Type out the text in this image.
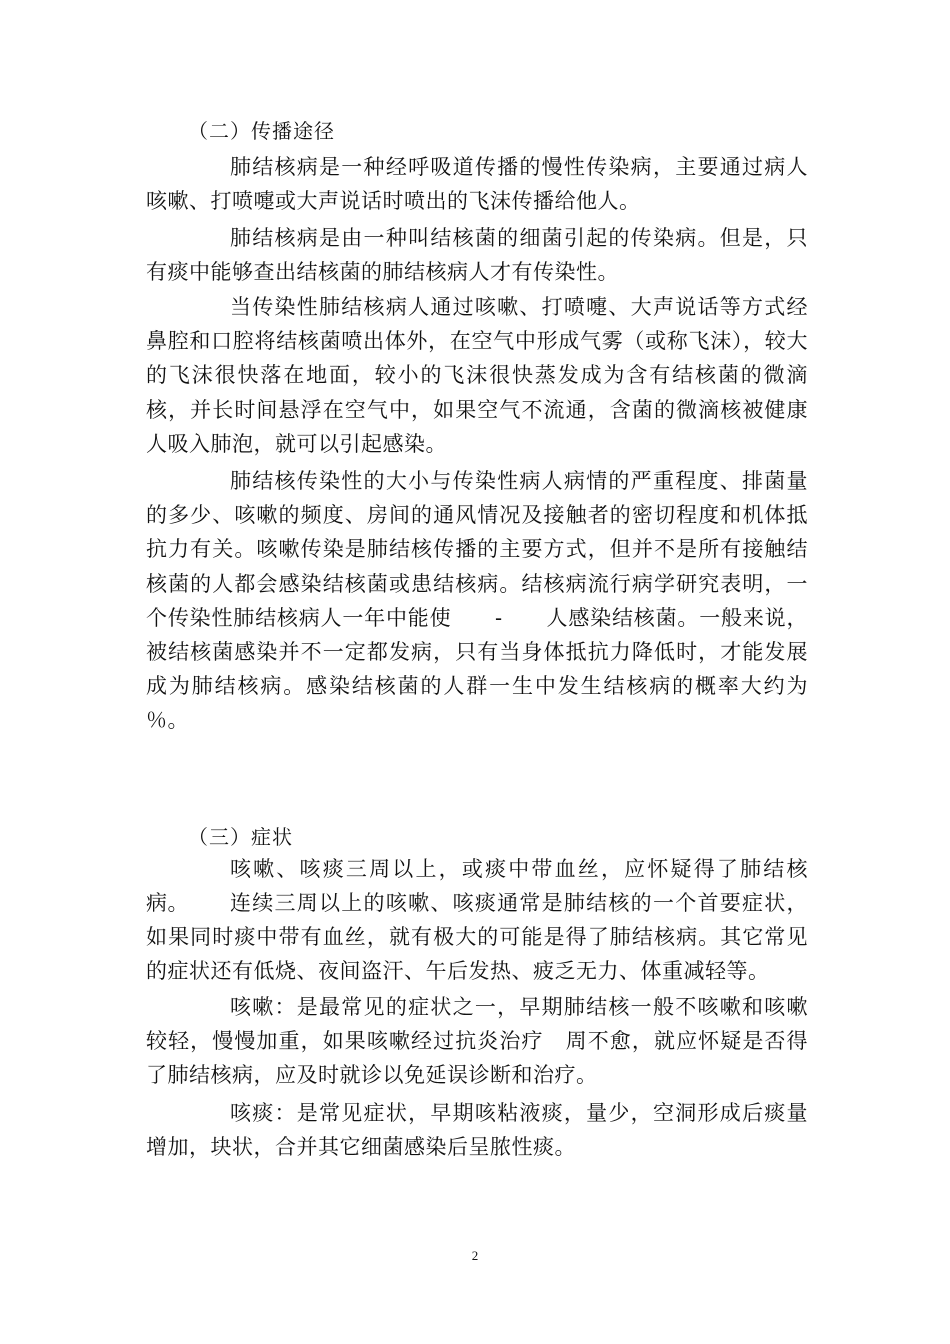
（二）传播途径

肺结核病是一种经呼吸道传播的慢性传染病，主要通过病人咳嗽、打喷嚏或大声说话时喷出的飞沫传播给他人。

肺结核病是由一种叫结核菌的细菌引起的传染病。但是，只有痰中能够查出结核菌的肺结核病人才有传染性。

当传染性肺结核病人通过咳嗽、打喷嚏、大声说话等方式经鼻腔和口腔将结核菌喷出体外，在空气中形成气雾（或称飞沫），较大的飞沫很快落在地面，较小的飞沫很快蒸发成为含有结核菌的微滴核，并长时间悬浮在空气中，如果空气不流通，含菌的微滴核被健康人吸入肺泡，就可以引起感染。

肺结核传染性的大小与传染性病人病情的严重程度、排菌量的多少、咳嗽的频度、房间的通风情况及接触者的密切程度和机体抵抗力有关。咳嗽传染是肺结核传播的主要方式，但并不是所有接触结核菌的人都会感染结核菌或患结核病。结核病流行病学研究表明，一个传染性肺结核病人一年中能使　　-　　人感染结核菌。一般来说，被结核菌感染并不一定都发病，只有当身体抵抗力降低时，才能发展成为肺结核病。感染结核菌的人群一生中发生结核病的概率大约为　　％。

（三）症状

咳嗽、咳痰三周以上，或痰中带血丝，应怀疑得了肺结核病。	连续三周以上的咳嗽、咳痰通常是肺结核的一个首要症状，如果同时痰中带有血丝，就有极大的可能是得了肺结核病。其它常见的症状还有低烧、夜间盗汗、午后发热、疲乏无力、体重减轻等。

咳嗽：是最常见的症状之一，早期肺结核一般不咳嗽和咳嗽较轻，慢慢加重，如果咳嗽经过抗炎治疗　周不愈，就应怀疑是否得了肺结核病，应及时就诊以免延误诊断和治疗。

咳痰：是常见症状，早期咳粘液痰，量少，空洞形成后痰量增加，块状，合并其它细菌感染后呈脓性痰。

2
